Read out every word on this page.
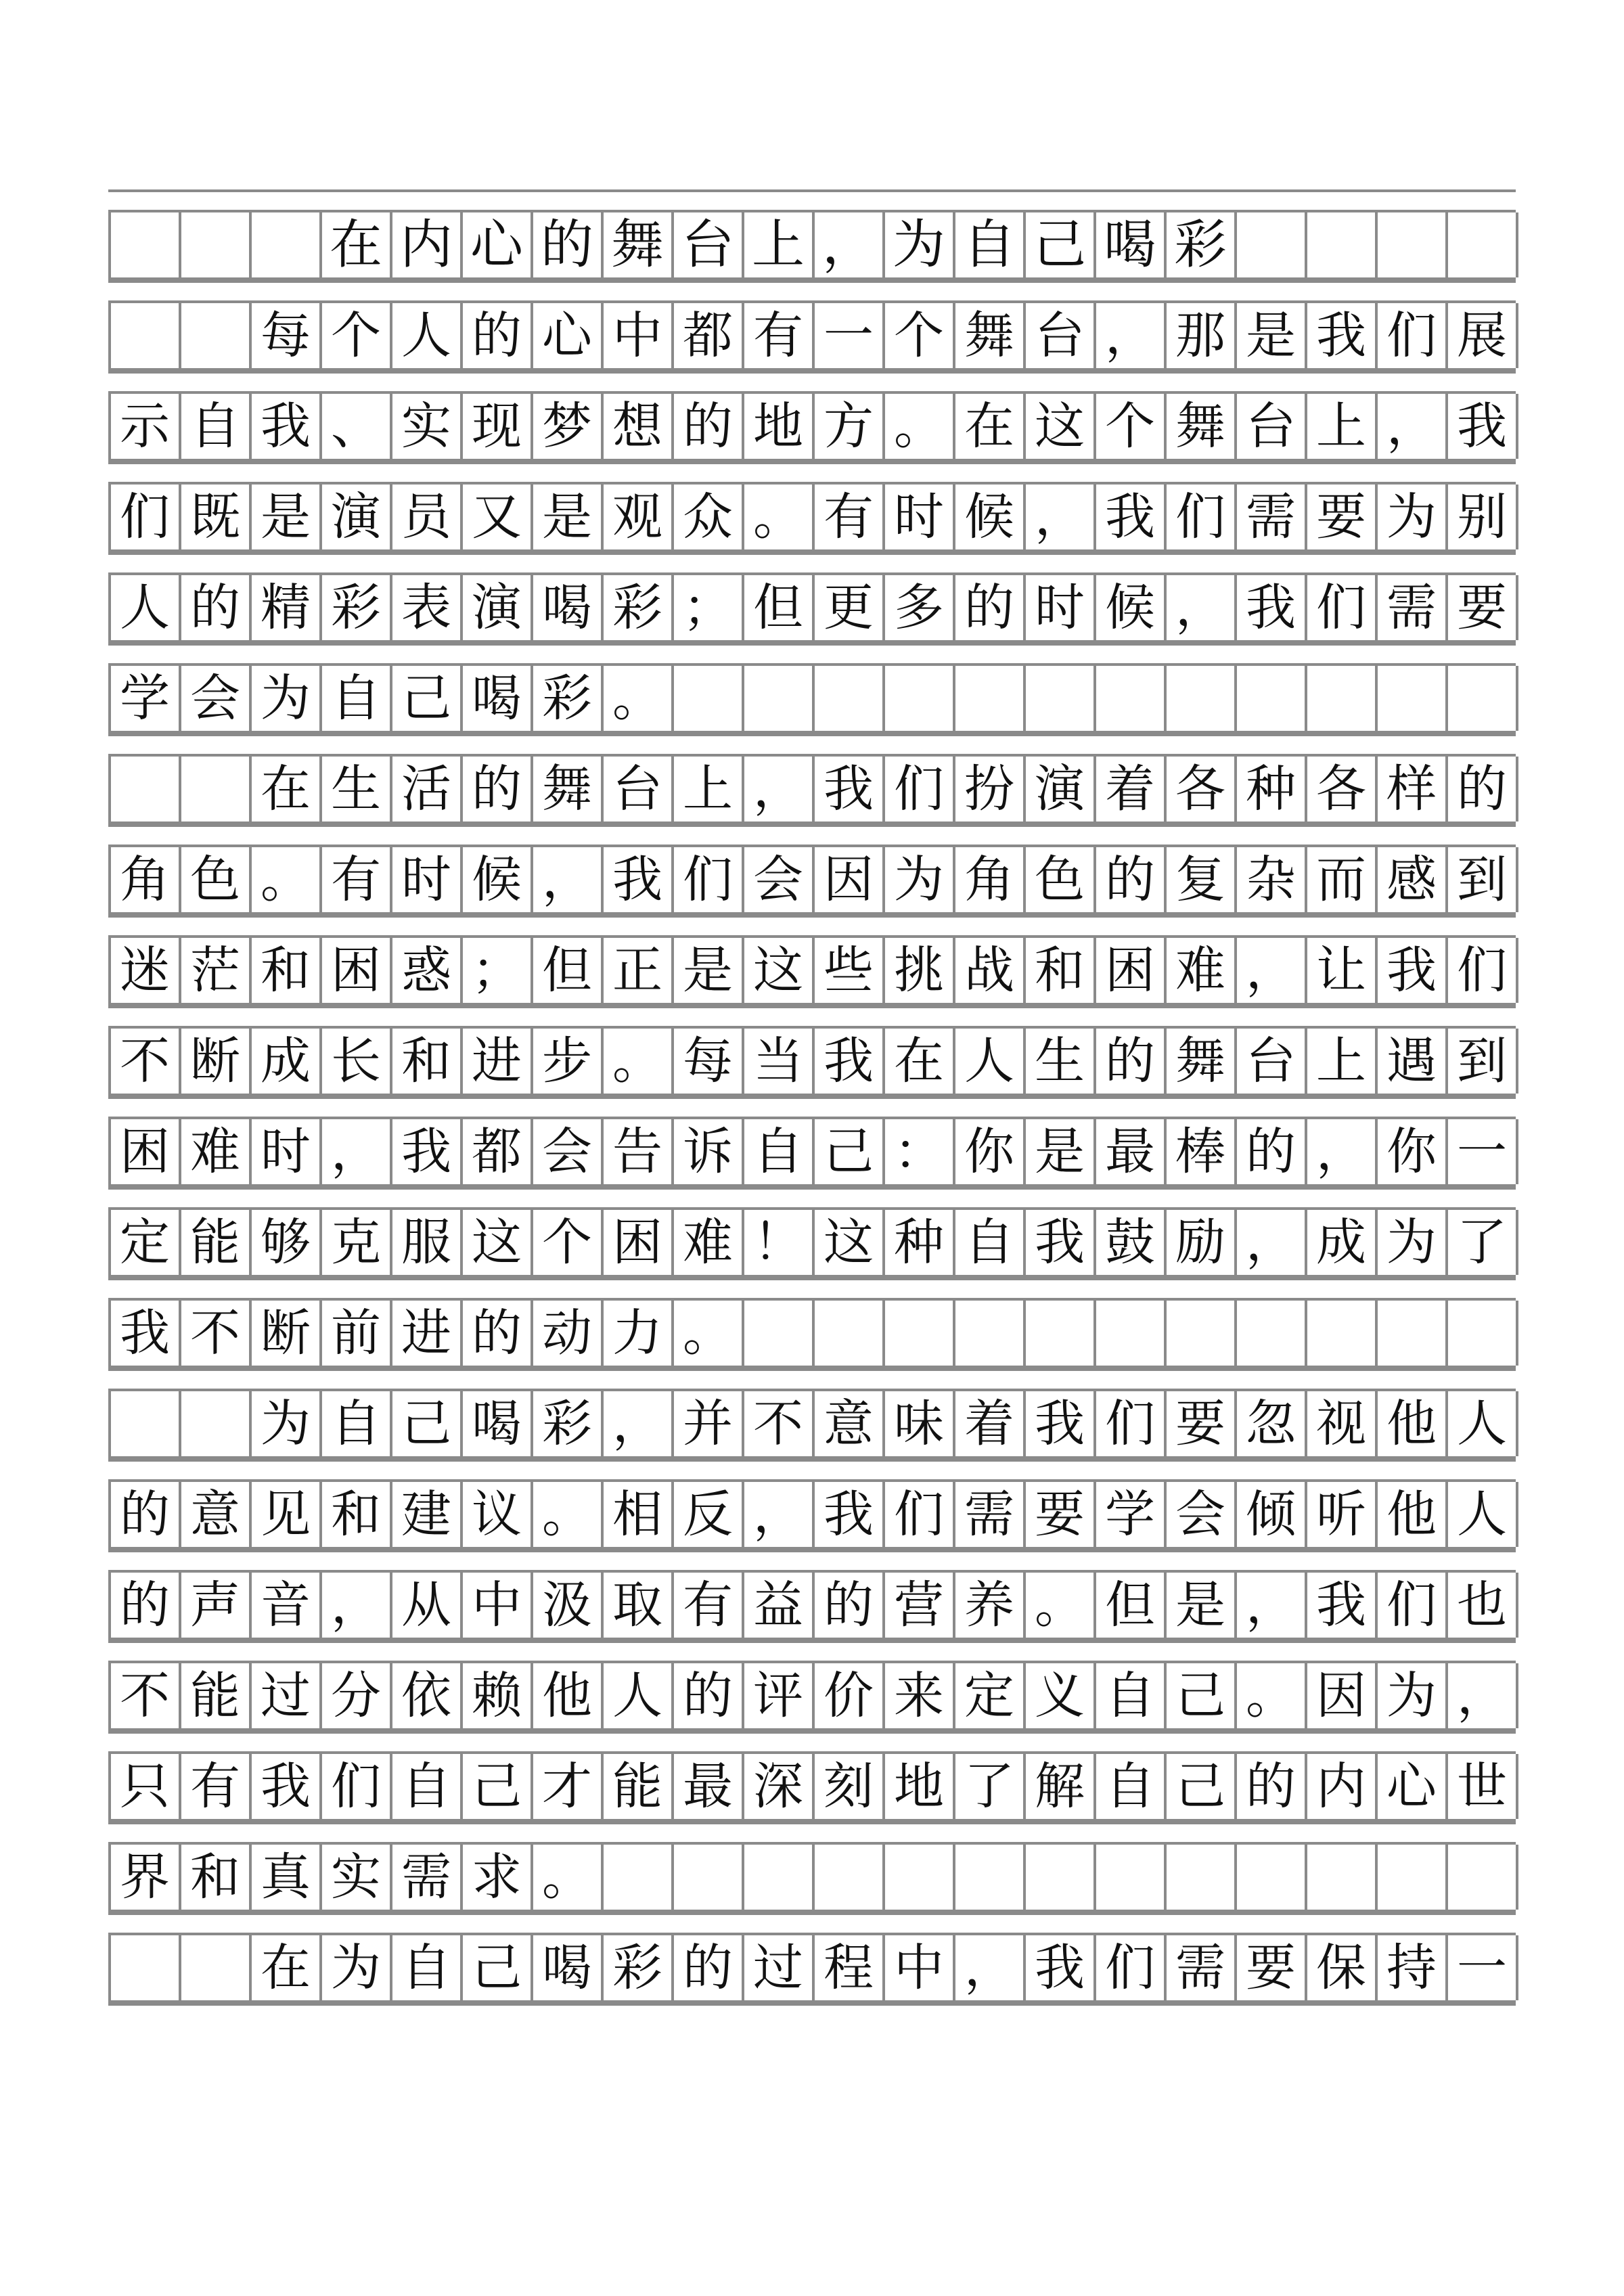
在 内 心 的 舞 台 上 ， 为 自 己 喝 彩
每 个 人 的 心 中 都 有 一 个 舞 台 ， 那 是 我 们 展
示 自 我 、 实 现 梦 想 的 地 方 。 在 这 个 舞 台 上 ， 我
们 既 是 演 员 又 是 观 众 。 有 时 候 ， 我 们 需 要 为 别
人 的 精 彩 表 演 喝 彩 ； 但 更 多 的 时 候 ， 我 们 需 要
学 会 为 自 己 喝 彩 。
在 生 活 的 舞 台 上 ， 我 们 扮 演 着 各 种 各 样 的
角 色 。 有 时 候 ， 我 们 会 因 为 角 色 的 复 杂 而 感 到
迷 茫 和 困 惑 ； 但 正 是 这 些 挑 战 和 困 难 ， 让 我 们
不 断 成 长 和 进 步 。 每 当 我 在 人 生 的 舞 台 上 遇 到
困 难 时 ， 我 都 会 告 诉 自 己 ： 你 是 最 棒 的 ， 你 一
定 能 够 克 服 这 个 困 难 ！ 这 种 自 我 鼓 励 ， 成 为 了
我 不 断 前 进 的 动 力 。
为 自 己 喝 彩 ， 并 不 意 味 着 我 们 要 忽 视 他 人
的 意 见 和 建 议 。 相 反 ， 我 们 需 要 学 会 倾 听 他 人
的 声 音 ， 从 中 汲 取 有 益 的 营 养 。 但 是 ， 我 们 也
不 能 过 分 依 赖 他 人 的 评 价 来 定 义 自 己 。 因 为 ，
只 有 我 们 自 己 才 能 最 深 刻 地 了 解 自 己 的 内 心 世
界 和 真 实 需 求 。
在 为 自 己 喝 彩 的 过 程 中 ， 我 们 需 要 保 持 一
